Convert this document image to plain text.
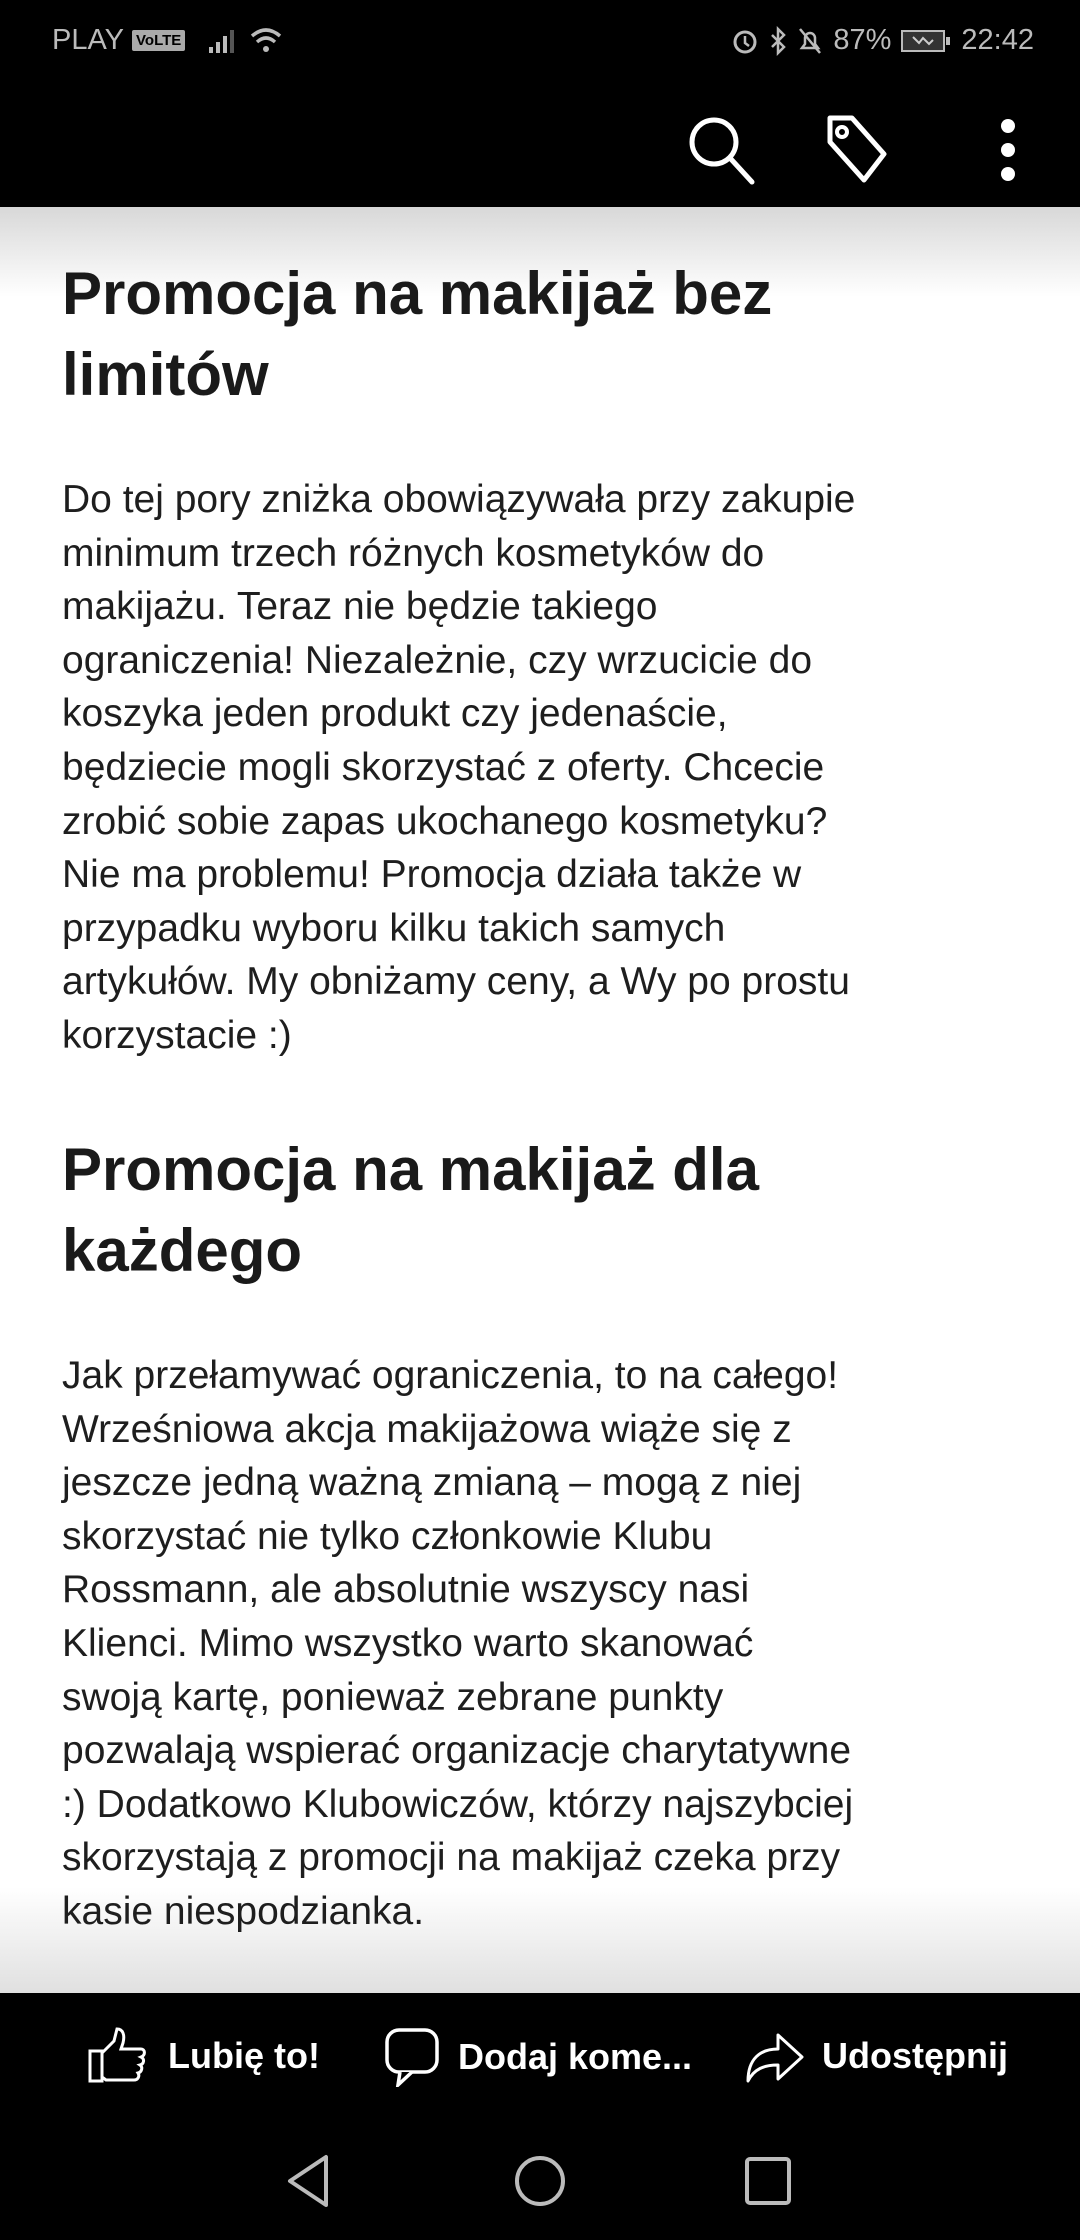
PLAY VoLTE	87% 22:42
Promocja na makijaż bez
limitów
Do tej pory zniżka obowiązywała przy zakupie
minimum trzech różnych kosmetyków do
makijażu. Teraz nie będzie takiego
ograniczenia! Niezależnie, czy wrzucicie do
koszyka jeden produkt czy jedenaście,
będziecie mogli skorzystać z oferty. Chcecie
zrobić sobie zapas ukochanego kosmetyku?
Nie ma problemu! Promocja działa także w
przypadku wyboru kilku takich samych
artykułów. My obniżamy ceny, a Wy po prostu
korzystacie :)
Promocja na makijaż dla
każdego
Jak przełamywać ograniczenia, to na całego!
Wrześniowa akcja makijażowa wiąże się z
jeszcze jedną ważną zmianą – mogą z niej
skorzystać nie tylko członkowie Klubu
Rossmann, ale absolutnie wszyscy nasi
Klienci. Mimo wszystko warto skanować
swoją kartę, ponieważ zebrane punkty
pozwalają wspierać organizacje charytatywne
:) Dodatkowo Klubowiczów, którzy najszybciej
skorzystają z promocji na makijaż czeka przy
kasie niespodzianka.
Lubię to!	Dodaj kome...	Udostępnij
